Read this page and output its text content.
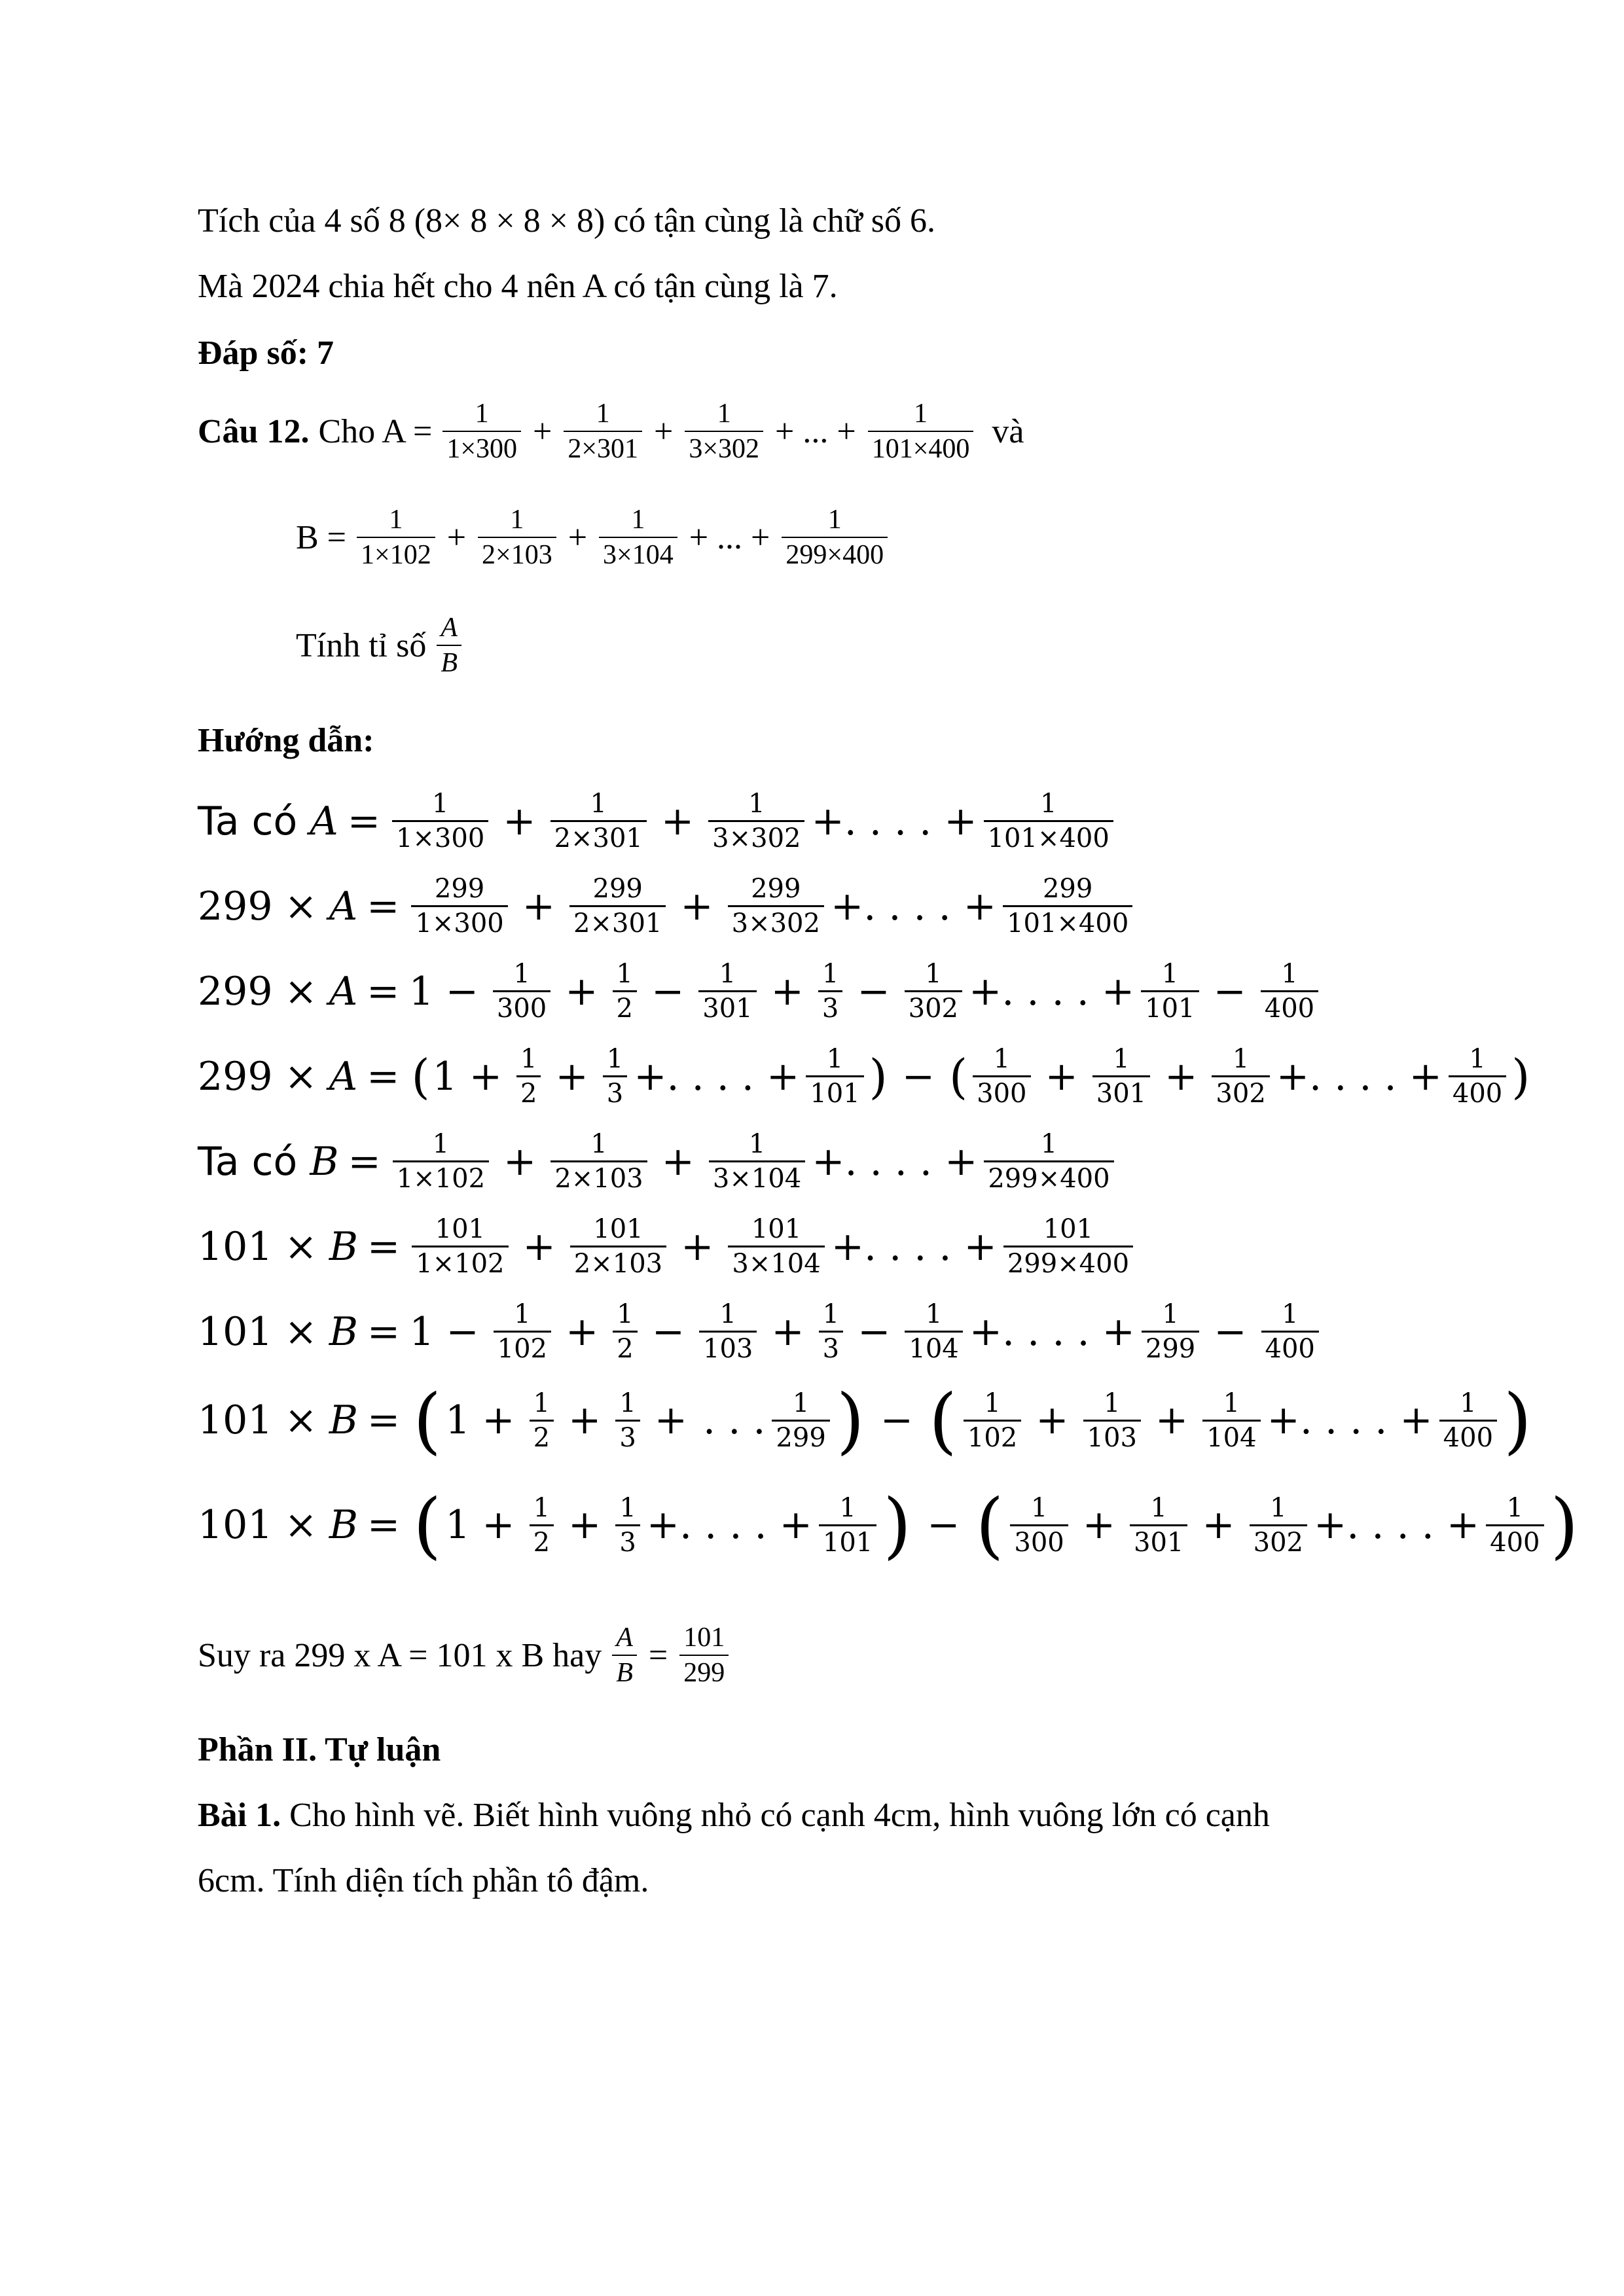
Tích của 4 số 8 (8× 8 × 8 × 8) có tận cùng là chữ số 6.
Mà 2024 chia hết cho 4 nên A có tận cùng là 7.
Đáp số: 7
Câu 12. Cho $A = \frac{1}{1\times 300} + \frac{1}{2\times 301} + \frac{1}{3\times 302}$ + ... + $\frac{1}{101\times 400}$ và
$B = \frac{1}{1\times 102} + \frac{1}{2\times 103} + \frac{1}{3\times 104}$ + ... + $\frac{1}{299\times 400}$
Tính tỉ số $\frac{A}{B}$
Hướng dẫn:
Ta có
$A = \frac{1}{1\times 300} + \frac{1}{2\times 301} + \frac{1}{3\times 302}$ +. . . . + $\frac{1}{101\times 400}$
$299 \times A = \frac{299}{1\times 300} + \frac{299}{2\times 301} + \frac{299}{3\times 302}$ +. . . . + $\frac{299}{101\times 400}$
$299 \times A = 1 - \frac{1}{300} + \frac{1}{2} - \frac{1}{301} + \frac{1}{3} - \frac{1}{302}$ +. . . . + $\frac{1}{101} - \frac{1}{400}$
299 × A = ( $1 + \frac{1}{2} + \frac{1}{3}$ +. . . . + $\frac{1}{101}$ ) − ( $\frac{1}{300} + \frac{1}{301} + \frac{1}{302}$ +. . . . + $\frac{1}{400}$ )
Ta có
$B = \frac{1}{1\times 102} + \frac{1}{2\times 103} + \frac{1}{3\times 104}$ +. . . . + $\frac{1}{299\times 400}$
$101 \times B = \frac{101}{1\times 102} + \frac{101}{2\times 103} + \frac{101}{3\times 104}$ +. . . . + $\frac{101}{299\times 400}$
$101 \times B = 1 - \frac{1}{102} + \frac{1}{2} - \frac{1}{103} + \frac{1}{3} - \frac{1}{104}$ +. . . . + $\frac{1}{299} - \frac{1}{400}$
101 × B = ( $1 + \frac{1}{2} + \frac{1}{3}$ + . . . $\frac{1}{299}$ ) − ( $\frac{1}{102} + \frac{1}{103} + \frac{1}{104}$ +. . . . + $\frac{1}{400}$ )
101 × B = ( $1 + \frac{1}{2} + \frac{1}{3}$ +. . . . + $\frac{1}{101}$ ) − ( $\frac{1}{300} + \frac{1}{301} + \frac{1}{302}$ +. . . . + $\frac{1}{400}$ )
Suy ra 299 x A = 101 x B hay $\frac{A}{B} = \frac{101}{299}$
Phần II. Tự luận
Bài 1. Cho hình vẽ. Biết hình vuông nhỏ có cạnh 4cm, hình vuông lớn có cạnh
6cm. Tính diện tích phần tô đậm.
